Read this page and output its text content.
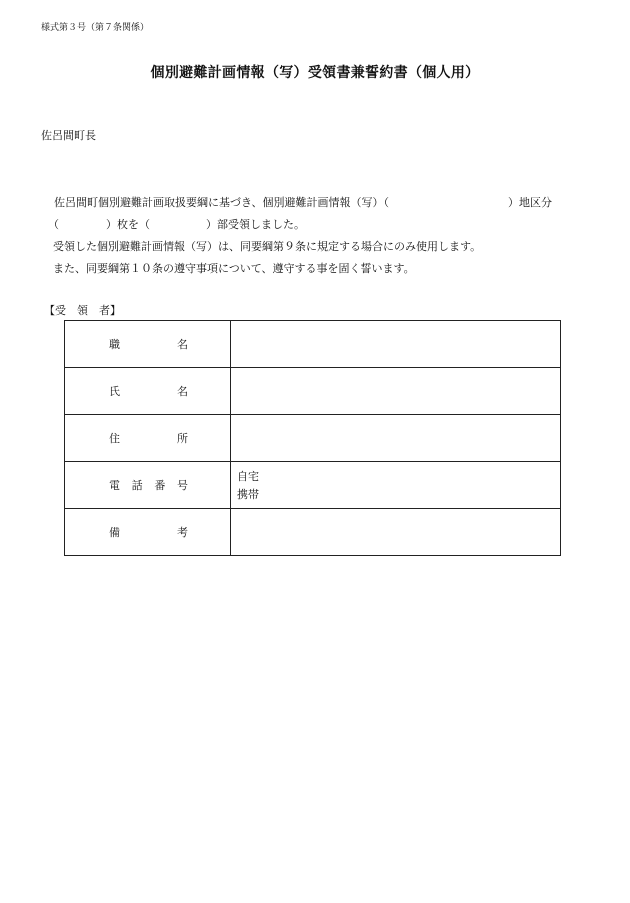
様式第３号（第７条関係）
個別避難計画情報（写）受領書兼誓約書（個人用）
佐呂間町長
佐呂間町個別避難計画取扱要綱に基づき、個別避難計画情報（写）（	）地区分
（	）枚を（	）部受領しました。
受領した個別避難計画情報（写）は、同要綱第９条に規定する場合にのみ使用します。
また、同要綱第１０条の遵守事項について、遵守する事を固く誓います。
【受　領　者】
職 名	

氏 名	

住 所	

電 話 番 号	自宅
携帯

備 考	
